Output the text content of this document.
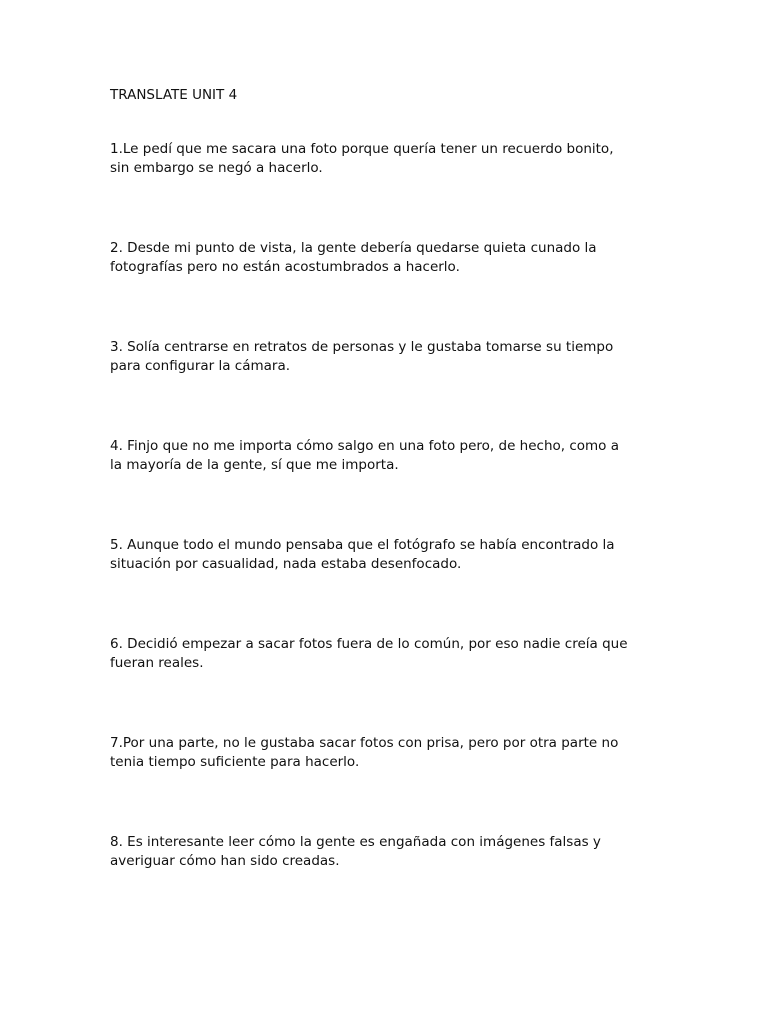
TRANSLATE UNIT 4
1.Le pedí que me sacara una foto porque quería tener un recuerdo bonito,
sin embargo se negó a hacerlo.
2. Desde mi punto de vista, la gente debería quedarse quieta cunado la
fotografías pero no están acostumbrados a hacerlo.
3. Solía centrarse en retratos de personas y le gustaba tomarse su tiempo
para configurar la cámara.
4. Finjo que no me importa cómo salgo en una foto pero, de hecho, como a
la mayoría de la gente, sí que me importa.
5. Aunque todo el mundo pensaba que el fotógrafo se había encontrado la
situación por casualidad, nada estaba desenfocado.
6. Decidió empezar a sacar fotos fuera de lo común, por eso nadie creía que
fueran reales.
7.Por una parte, no le gustaba sacar fotos con prisa, pero por otra parte no
tenia tiempo suficiente para hacerlo.
8. Es interesante leer cómo la gente es engañada con imágenes falsas y
averiguar cómo han sido creadas.
